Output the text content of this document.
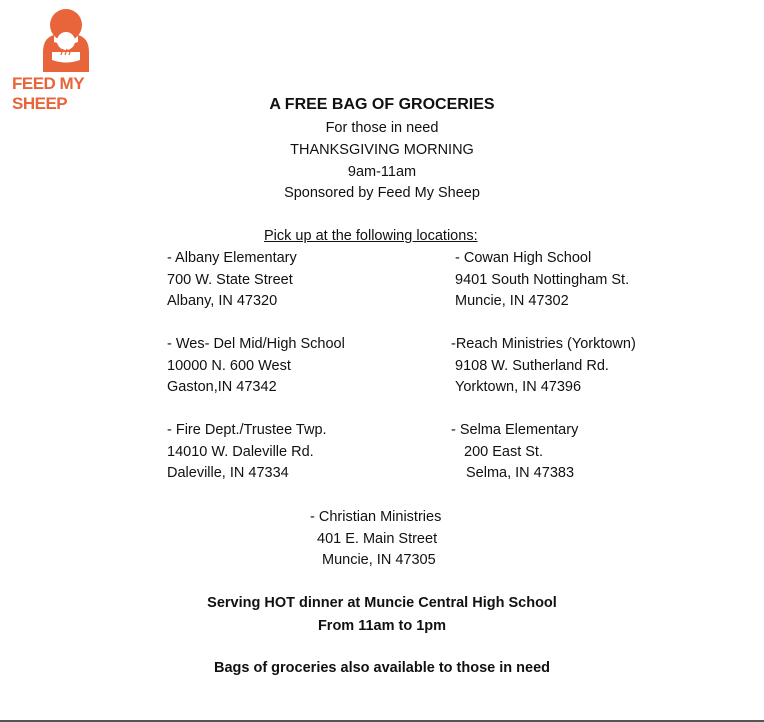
FEED MY SHEEP	A FREE BAG OF GROCERIES
For those in need
THANKSGIVING MORNING
9am-11am
Sponsored by Feed My Sheep
Pick up at the following locations:
- Albany Elementary
700 W. State Street
Albany, IN 47320
- Cowan High School
9401 South Nottingham St.
Muncie, IN 47302
- Wes- Del Mid/High School
10000 N. 600 West
Gaston,IN 47342
-Reach Ministries (Yorktown)
9108 W. Sutherland Rd.
Yorktown, IN 47396
- Fire Dept./Trustee Twp.
14010 W. Daleville Rd.
Daleville, IN 47334
- Selma Elementary
200 East St.
Selma, IN 47383
- Christian Ministries
401 E. Main Street
Muncie, IN 47305
Serving HOT dinner at Muncie Central High School
From 11am to 1pm
Bags of groceries also available to those in need
